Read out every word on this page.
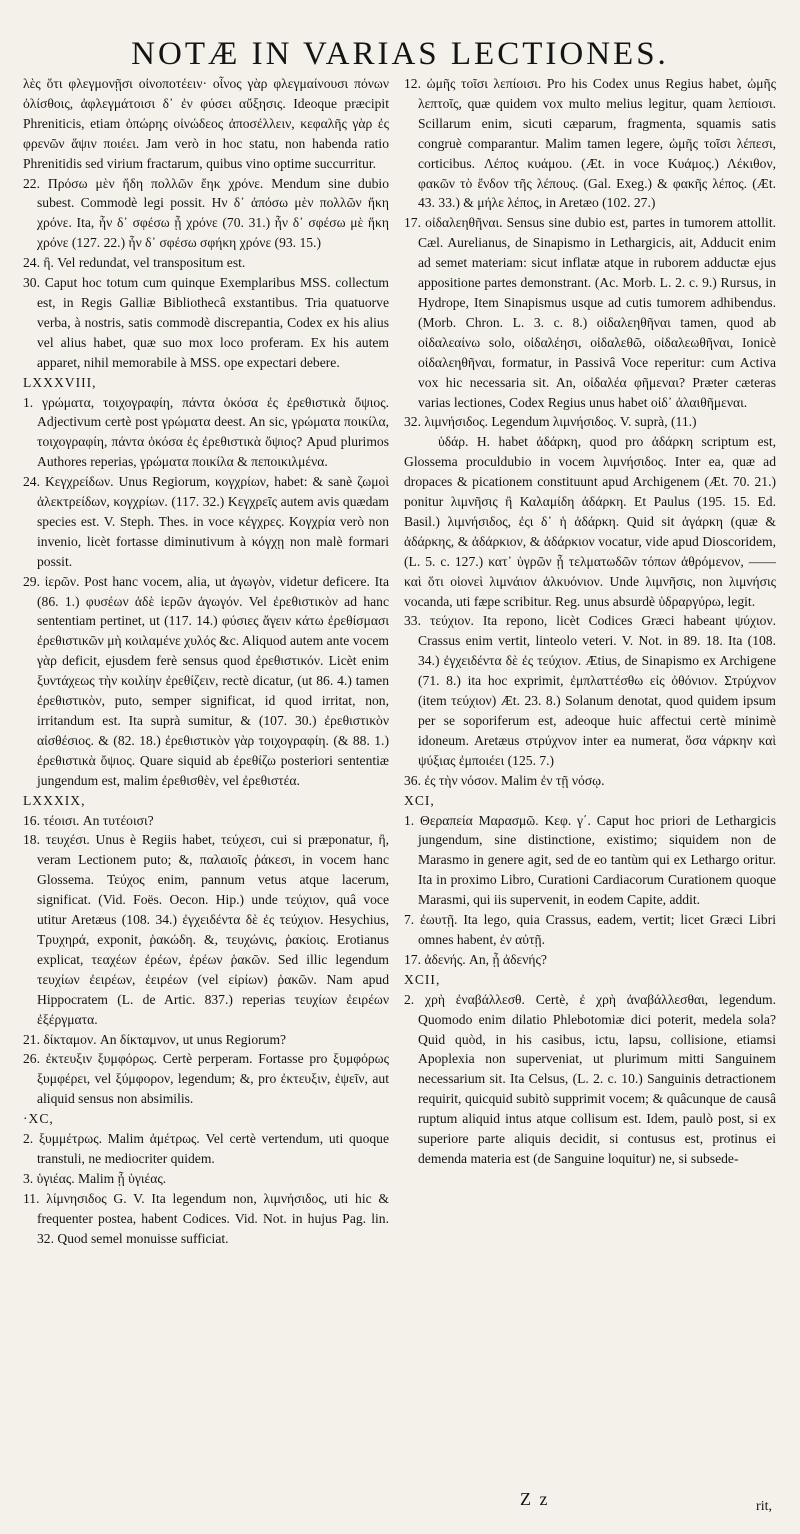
NOTÆ IN VARIAS LECTIONES.

λὲς ὅτι φλεγμονῇσι οἰνοποτέειν· οἶνος γὰρ φλεγμαίνουσι πόνων ὀλίσθοις, ἀφλεγμάτοισι δ᾽ ἐν φύσει αὔξησις. Ideoque præcipit Phreniticis, etiam ὁπώρης οἰνώδεος ἀποσέλλειν, κεφαλῆς γὰρ ἐς φρενῶν ἅψιν ποιέει. Jam verò in hoc statu, non habenda ratio Phrenitidis sed virium fractarum, quibus vino optime succurritur.

22. Πρόσω μὲν ἤδη πολλῶν ἔηκ χρόνε. Mendum sine dubio subest. Commodè legi possit. Ην δ᾽ ἀπόσω μὲν πολλῶν ἤκη χρόνε. Ita, ἦν δ᾽ σφέσω ᾖ χρόνε (70. 31.) ἦν δ᾽ σφέσω μὲ ἥκη χρόνε (127. 22.) ἦν δ᾽ σφέσω σφήκη χρόνε (93. 15.)

24. ἢ. Vel redundat, vel transpositum est.

30. Caput hoc totum cum quinque Exemplaribus MSS. collectum est, in Regis Galliæ Bibliothecâ exstantibus. Tria quatuorve verba, à nostris, satis commodè discrepantia, Codex ex his alius vel alius habet, quæ suo mox loco proferam. Ex his autem apparet, nihil memorabile à MSS. ope expectari debere.

LXXXVIII,

1. γρώματα, τοιχογραφίη, πάντα ὁκόσα ἐς ἐρεθιστικὰ ὄψιος. Adjectivum certè post γρώματα deest. An sic, γρώματα ποικίλα, τοιχογραφίη, πάντα ὁκόσα ἐς ἐρεθιστικὰ ὄψιος? Apud plurimos Authores reperias, γρώματα ποικίλα & πεποικιλμένα.

24. Κεγχρείδων. Unus Regiorum, κογχρίων, habet: & sanè ζωμοὶ ἀλεκτρείδων, κογχρίων. (117. 32.) Κεγχρεῖς autem avis quædam species est. V. Steph. Thes. in voce κέγχρες. Κογχρία verò non invenio, licèt fortasse diminutivum à κόγχῃ non malè formari possit.

29. ἱερῶν. Post hanc vocem, alia, ut ἀγωγὸν, videtur deficere. Ita (86. 1.) φυσέων ἀδὲ ἱερῶν ἀγωγόν. Vel ἐρεθιστικὸν ad hanc sententiam pertinet, ut (117. 14.) φύσιες ἄγειν κάτω ἐρεθίσμασι ἐρεθιστικῶν μὴ κοιλαμένε χυλός &c. Aliquod autem ante vocem γὰρ deficit, ejusdem ferè sensus quod ἐρεθιστικόν. Licèt enim ξυντάχεως τὴν κοιλίην ἐρεθίζειν, rectè dicatur, (ut 86. 4.) tamen ἐρεθιστικὸν, puto, semper significat, id quod irritat, non, irritandum est. Ita suprà sumitur, & (107. 30.) ἐρεθιστικὸν αἰσθέσιος. & (82. 18.) ἐρεθιστικὸν γὰρ τοιχογραφίη. (& 88. 1.) ἐρεθιστικὰ ὄψιος. Quare siquid ab ἐρεθίζω posteriori sententiæ jungendum est, malim ἐρεθισθὲν, vel ἐρεθιστέα.

LXXXIX,

16. τέοισι. An τυτέοισι?

18. τευχέσι. Unus è Regiis habet, τεύχεσι, cui si præponatur, ἢ, veram Lectionem puto; &, παλαιοῖς ῥάκεσι, in vocem hanc Glossema. Τεύχος enim, pannum vetus atque lacerum, significat. (Vid. Foës. Oecon. Hip.) unde τεύχιον, quâ voce utitur Aretæus (108. 34.) ἐγχειδέντα δὲ ἐς τεύχιον. Hesychius, Τρυχηρά, exponit, ῥακώδη. &, τευχώνις, ῥακίοις. Erotianus explicat, τεαχέων ἐρέων, ἐρέων ῥακῶν. Sed illic legendum τευχίων ἐειρέων, ἐειρέων (vel εἰρίων) ῥακῶν. Nam apud Hippocratem (L. de Artic. 837.) reperias τευχίων ἐειρέων ἐξέργματα.

21. δίκταμον. An δίκταμνον, ut unus Regiorum?

26. ἐκτευξιν ξυμφόρως. Certè perperam. Fortasse pro ξυμφόρως ξυμφέρει, vel ξύμφορον, legendum; &, pro ἐκτευξιν, ἐψεῖν, aut aliquid sensus non absimilis.

·XC,

2. ξυμμέτρως. Malim ἀμέτρως. Vel certè vertendum, uti quoque transtuli, ne mediocriter quidem.

3. ὑγιέας. Malim ᾖ ὑγιέας.

11. λίμνησιδος G. V. Ita legendum non, λιμνήσιδος, uti hic & frequenter postea, habent Codices. Vid. Not. in hujus Pag. lin. 32. Quod semel monuisse sufficiat.

12. ὠμῆς τοῖσι λεπίοισι. Pro his Codex unus Regius habet, ὠμῆς λεπτοῖς, quæ quidem vox multo melius legitur, quam λεπίοισι. Scillarum enim, sicuti cæparum, fragmenta, squamis satis congruè comparantur. Malim tamen legere, ὠμῆς τοῖσι λέπεσι, corticibus. Λέπος κυάμου. (Æt. in voce Κυάμος.) Λέκιθον, φακῶν τὸ ἔνδον τῆς λέπους. (Gal. Exeg.) & φακῆς λέπος. (Æt. 43. 33.) & μήλε λέπος, in Aretæo (102. 27.)

17. οἰδαλεηθῆναι. Sensus sine dubio est, partes in tumorem attollit. Cæl. Aurelianus, de Sinapismo in Lethargicis, ait, Adducit enim ad semet materiam: sicut inflatæ atque in ruborem adductæ ejus appositione partes demonstrant. (Ac. Morb. L. 2. c. 9.) Rursus, in Hydrope, Item Sinapismus usque ad cutis tumorem adhibendus. (Morb. Chron. L. 3. c. 8.) οἰδαλεηθῆναι tamen, quod ab οἰδαλεαίνω solo, οἰδαλέησι, οἰδαλεθῶ, οἰδαλεωθῆναι, Ionicè οἰδαλεηθῆναι, formatur, in Passivâ Voce reperitur: cum Activa vox hic necessaria sit. An, οἰδαλέα φῆμεναι? Præter cæteras varias lectiones, Codex Regius unus habet οἰδ᾽ ἀλαιθῆμεναι.

32. λιμνήσιδος. Legendum λιμνήσιδος. V. suprà, (11.)

ὑδάρ. H. habet ἀδάρκη, quod pro ἀδάρκη scriptum est, Glossema proculdubio in vocem λιμνήσιδος. Inter ea, quæ ad dropaces & picationem constituunt apud Archigenem (Æt. 70. 21.) ponitur λιμνῆσις ἢ Καλαμίδη ἀδάρκη. Et Paulus (195. 15. Ed. Basil.) λιμνήσιδος, ἐςι δ᾽ ἡ ἀδάρκη. Quid sit ἀγάρκη (quæ & ἀδάρκης, & ἀδάρκιον, & ἀδάρκιον vocatur, vide apud Dioscoridem, (L. 5. c. 127.) κατ᾽ ὑγρῶν ᾖ τελματωδῶν τόπων ἀθρόμενον, —— καὶ ὅτι οἱονεὶ λιμνάιον ἀλκυόνιον. Unde λιμνῆσις, non λιμνήσις vocanda, uti fæpe scribitur. Reg. unus absurdè ὑδραργύρω, legit.

33. τεύχιον. Ita repono, licèt Codices Græci habeant ψύχιον. Crassus enim vertit, linteolo veteri. V. Not. in 89. 18. Ita (108. 34.) ἐγχειδέντα δὲ ἐς τεύχιον. Ætius, de Sinapismo ex Archigene (71. 8.) ita hoc exprimit, ἐμπλαττέσθω εἰς ὀθόνιον. Στρύχνον (item τεύχιον) Æt. 23. 8.) Solanum denotat, quod quidem ipsum per se soporiferum est, adeoque huic affectui certè minimè idoneum. Aretæus στρύχνον inter ea numerat, ὅσα νάρκην καὶ ψύξιας ἐμποιέει (125. 7.)

36. ἐς τὴν νόσον. Malim ἐν τῇ νόσῳ.

XCI,

1. Θεραπεία Μαρασμῶ. Κεφ. γ΄. Caput hoc priori de Lethargicis jungendum, sine distinctione, existimo; siquidem non de Marasmo in genere agit, sed de eo tantùm qui ex Lethargo oritur. Ita in proximo Libro, Curationi Cardiacorum Curationem quoque Marasmi, qui iis supervenit, in eodem Capite, addit.

7. ἐωυτῇ. Ita lego, quia Crassus, eadem, vertit; licet Græci Libri omnes habent, ἐν αὐτῇ.

17. ἀδενής. An, ᾖ ἀδενής?

XCII,

2. χρὴ ἐναβάλλεσθ. Certè, ἐ χρὴ ἀναβάλλεσθαι, legendum. Quomodo enim dilatio Phlebotomiæ dici poterit, medela sola? Quid quòd, in his casibus, ictu, lapsu, collisione, etiamsi Apoplexia non superveniat, ut plurimum mitti Sanguinem necessarium sit. Ita Celsus, (L. 2. c. 10.) Sanguinis detractionem requirit, quicquid subitò supprimit vocem; & quâcunque de causâ ruptum aliquid intus atque collisum est. Idem, paulò post, si ex superiore parte aliquis decidit, si contusus est, protinus ei demenda materia est (de Sanguine loquitur) ne, si subsede-

Z z	rit,
